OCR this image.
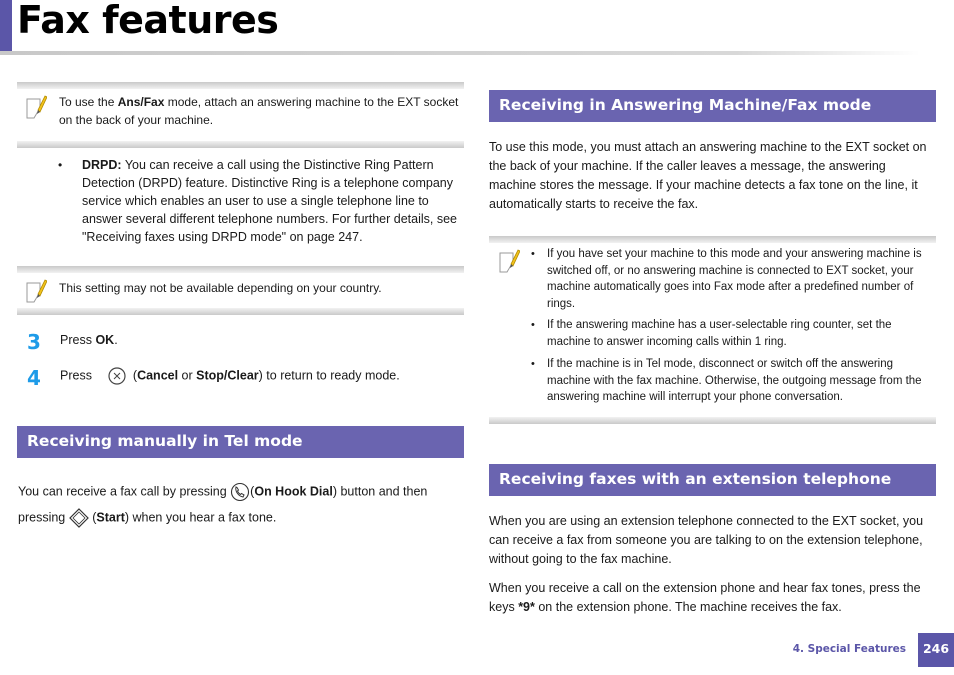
Fax features
To use the Ans/Fax mode, attach an answering machine to the EXT socket on the back of your machine.
• DRPD: You can receive a call using the Distinctive Ring Pattern Detection (DRPD) feature. Distinctive Ring is a telephone company service which enables an user to use a single telephone line to answer several different telephone numbers. For further details, see "Receiving faxes using DRPD mode" on page 247.
This setting may not be available depending on your country.
3 Press OK.
4 Press	(Cancel or Stop/Clear) to return to ready mode.
Receiving manually in Tel mode
You can receive a fax call by pressing (On Hook Dial) button and then
pressing  (Start) when you hear a fax tone.
Receiving in Answering Machine/Fax mode
To use this mode, you must attach an answering machine to the EXT socket on the back of your machine. If the caller leaves a message, the answering machine stores the message. If your machine detects a fax tone on the line, it automatically starts to receive the fax.
• If you have set your machine to this mode and your answering machine is switched off, or no answering machine is connected to EXT socket, your machine automatically goes into Fax mode after a predefined number of rings.
• If the answering machine has a user-selectable ring counter, set the machine to answer incoming calls within 1 ring.
• If the machine is in Tel mode, disconnect or switch off the answering machine with the fax machine. Otherwise, the outgoing message from the answering machine will interrupt your phone conversation.
Receiving faxes with an extension telephone
When you are using an extension telephone connected to the EXT socket, you can receive a fax from someone you are talking to on the extension telephone, without going to the fax machine.
When you receive a call on the extension phone and hear fax tones, press the keys *9* on the extension phone. The machine receives the fax.
4. Special Features	246
